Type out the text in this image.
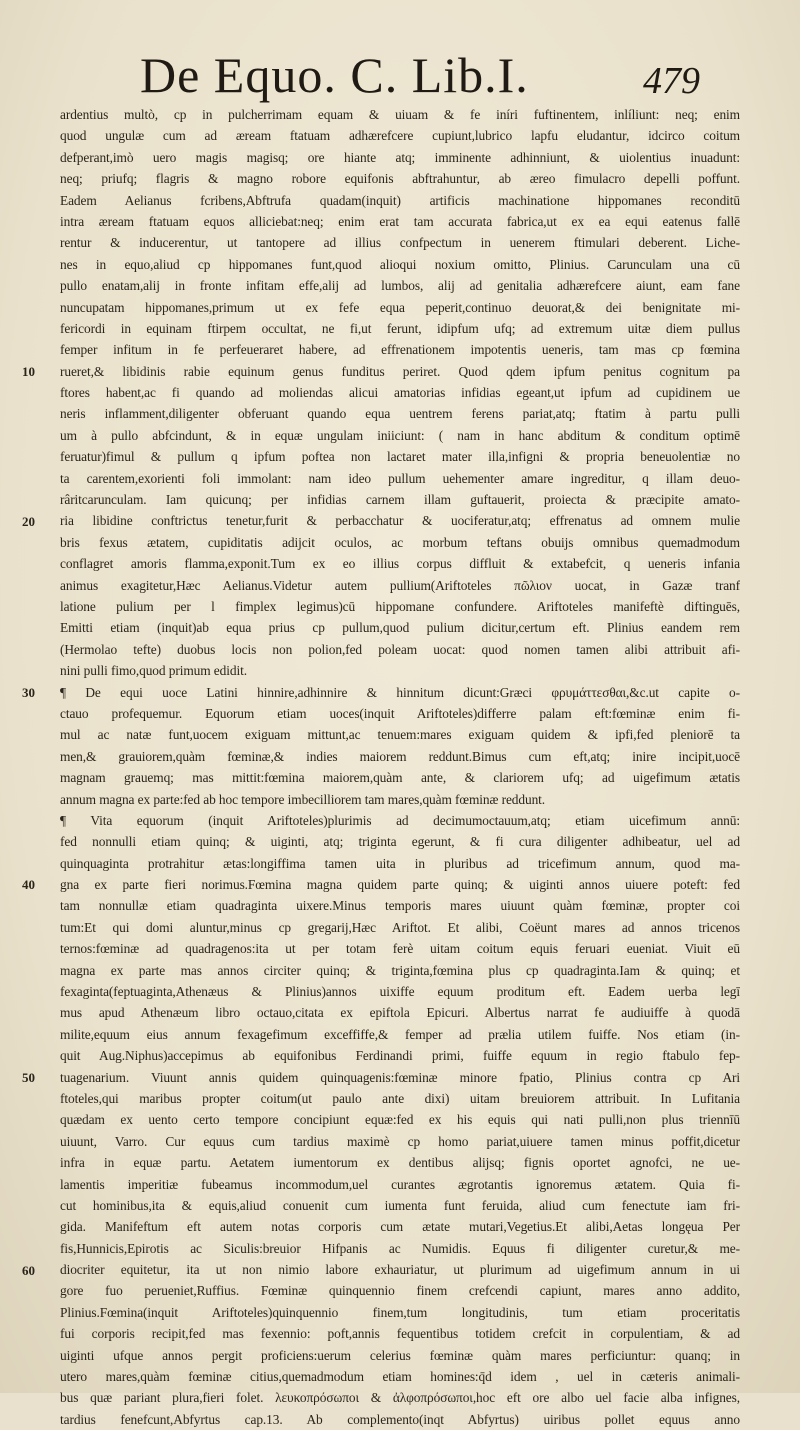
De Equo. C. Lib.I.	479
10
20
30
40
50
60
ardentius multò, cp in pulcherrimam equam & uiuam & fe iníri fuftinentem, inlíliunt: neq; enim
quod ungulæ cum ad æream ftatuam adhærefcere cupiunt,lubrico lapfu eludantur, idcirco coitum
defperant,imò uero magis magisq; ore hiante atq; imminente adhinniunt, & uiolentius inuadunt:
neq; priufq; flagris & magno robore equifonis abftrahuntur, ab æreo fimulacro depelli poffunt.
Eadem Aelianus fcribens,Abftrufa quadam(inquit) artificis machinatione hippomanes reconditū
intra æream ftatuam equos alliciebat:neq; enim erat tam accurata fabrica,ut ex ea equi eatenus fallē
rentur & inducerentur, ut tantopere ad illius confpectum in uenerem ftimulari deberent. Liche-
nes in equo,aliud cp hippomanes funt,quod alioqui noxium omitto, Plinius. Carunculam una cū
pullo enatam,alij in fronte infitam effe,alij ad lumbos, alij ad genitalia adhærefcere aiunt, eam fane
nuncupatam hippomanes,primum ut ex fefe equa peperit,continuo deuorat,& dei benignitate mi-
fericordi in equinam ftirpem occultat, ne fi,ut ferunt, idipfum ufq; ad extremum uitæ diem pullus
femper infitum in fe perfeueraret habere, ad effrenationem impotentis ueneris, tam mas cp fœmina
rueret,& libidinis rabie equinum genus funditus periret. Quod qdem ipfum penitus cognitum pa
ftores habent,ac fi quando ad moliendas alicui amatorias infidias egeant,ut ipfum ad cupidinem ue
neris inflamment,diligenter obferuant quando equa uentrem ferens pariat,atq; ftatim à partu pulli
um à pullo abfcindunt, & in equæ ungulam iniiciunt: ( nam in hanc abditum & conditum optimē
feruatur)fimul & pullum q ipfum poftea non lactaret mater illa,infigni & propria beneuolentiæ no
ta carentem,exorienti foli immolant: nam ideo pullum uehementer amare ingreditur, q illam deuo-
râritcarunculam. Iam quicunq; per infidias carnem illam guftauerit, proiecta & præcipite amato-
ria libidine conftrictus tenetur,furit & perbacchatur & uociferatur,atq; effrenatus ad omnem mulie
bris fexus ætatem, cupiditatis adijcit oculos, ac morbum teftans obuijs omnibus quemadmodum
conflagret amoris flamma,exponit.Tum ex eo illius corpus diffluit & extabefcit, q ueneris infania
animus exagitetur,Hæc Aelianus.Videtur autem pullium(Ariftoteles πῶλιον uocat, in Gazæ tranf
latione pulium per l fimplex legimus)cū hippomane confundere. Ariftoteles manifeftè diftinguēs,
Emitti etiam (inquit)ab equa prius cp pullum,quod pulium dicitur,certum eft. Plinius eandem rem
(Hermolao tefte) duobus locis non polion,fed poleam uocat: quod nomen tamen alibi attribuit afi-
nini pulli fimo,quod primum edidit.
¶ De equi uoce Latini hinnire,adhinnire & hinnitum dicunt:Græci φρυμάττεσθαι,&c.ut capite o-
ctauo profequemur. Equorum etiam uoces(inquit Ariftoteles)differre palam eft:fœminæ enim fi-
mul ac natæ funt,uocem exiguam mittunt,ac tenuem:mares exiguam quidem & ipfi,fed pleniorē ta
men,& grauiorem,quàm fœminæ,& indies maiorem reddunt.Bimus cum eft,atq; inire incipit,uocē
magnam grauemq; mas mittit:fœmina maiorem,quàm ante, & clariorem ufq; ad uigefimum ætatis
annum magna ex parte:fed ab hoc tempore imbecilliorem tam mares,quàm fœminæ reddunt.
¶ Vita equorum (inquit Ariftoteles)plurimis ad decimumoctauum,atq; etiam uicefimum annū:
fed nonnulli etiam quinq; & uiginti, atq; triginta egerunt, & fi cura diligenter adhibeatur, uel ad
quinquaginta protrahitur ætas:longiffima tamen uita in pluribus ad tricefimum annum, quod ma-
gna ex parte fieri norimus.Fœmina magna quidem parte quinq; & uiginti annos uiuere poteft: fed
tam nonnullæ etiam quadraginta uixere.Minus temporis mares uiuunt quàm fœminæ, propter coi
tum:Et qui domi aluntur,minus cp gregarij,Hæc Ariftot. Et alibi, Coëunt mares ad annos tricenos
ternos:fœminæ ad quadragenos:ita ut per totam ferè uitam coitum equis feruari eueniat. Viuit eū
magna ex parte mas annos circiter quinq; & triginta,fœmina plus cp quadraginta.Iam & quinq; et
fexaginta(feptuaginta,Athenæus & Plinius)annos uixiffe equum proditum eft. Eadem uerba legī
mus apud Athenæum libro octauo,citata ex epiftola Epicuri. Albertus narrat fe audiuiffe à quodā
milite,equum eius annum fexagefimum exceffiffe,& femper ad prælia utilem fuiffe. Nos etiam (in-
quit Aug.Niphus)accepimus ab equifonibus Ferdinandi primi, fuiffe equum in regio ftabulo fep-
tuagenarium. Viuunt annis quidem quinquagenis:fœminæ minore fpatio, Plinius contra cp Ari
ftoteles,qui maribus propter coitum(ut paulo ante dixi) uitam breuiorem attribuit. In Lufitania
quædam ex uento certo tempore concipiunt equæ:fed ex his equis qui nati pulli,non plus triennīū
uiuunt, Varro. Cur equus cum tardius maximè cp homo pariat,uiuere tamen minus poffit,dicetur
infra in equæ partu. Aetatem iumentorum ex dentibus alijsq; fignis oportet agnofci, ne ue-
lamentis imperitiæ fubeamus incommodum,uel curantes ægrotantis ignoremus ætatem. Quia fi-
cut hominibus,ita & equis,aliud conuenit cum iumenta funt feruida, aliud cum fenectute iam fri-
gida. Manifeftum eft autem notas corporis cum ætate mutari,Vegetius.Et alibi,Aetas longęua Per
fis,Hunnicis,Epirotis ac Siculis:breuior Hifpanis ac Numidis. Equus fi diligenter curetur,& me-
diocriter equitetur, ita ut non nimio labore exhauriatur, ut plurimum ad uigefimum annum in ui
gore fuo perueniet,Ruffius. Fœminæ quinquennio finem crefcendi capiunt, mares anno addito,
Plinius.Fœmina(inquit Ariftoteles)quinquennio finem,tum longitudinis, tum etiam proceritatis
fui corporis recipit,fed mas fexennio: poft,annis fequentibus totidem crefcit in corpulentiam, & ad
uiginti ufque annos pergit proficiens:uerum celerius fœminæ quàm mares perficiuntur: quanq; in
utero mares,quàm fœminæ citius,quemadmodum etiam homines:q̄d idem , uel in cæteris animali-
bus quæ pariant plura,fieri folet. λευκοπρόσωποι & ἀλφοπρόσωποι,hoc eft ore albo uel facie alba infignes,
tardius fenefcunt,Abfyrtus cap.13. Ab complemento(inqt Abfyrtus) uiribus pollet equus anno
